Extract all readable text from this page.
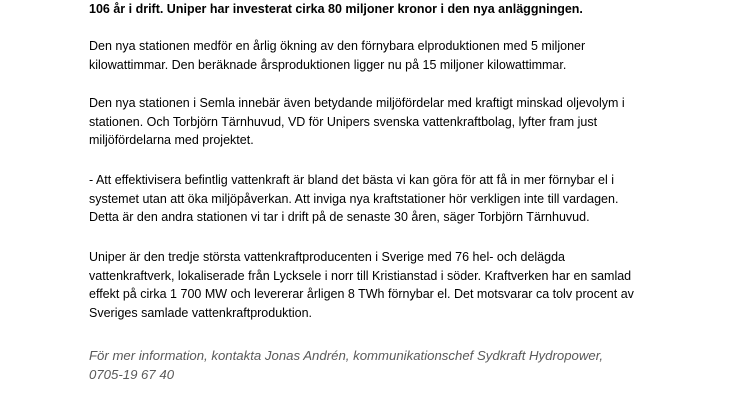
106 år i drift. Uniper har investerat cirka 80 miljoner kronor i den nya anläggningen.

Den nya stationen medför en årlig ökning av den förnybara elproduktionen med 5 miljoner
kilowattimmar. Den beräknade årsproduktionen ligger nu på 15 miljoner kilowattimmar.

Den nya stationen i Semla innebär även betydande miljöfördelar med kraftigt minskad oljevolym i
stationen. Och Torbjörn Tärnhuvud, VD för Unipers svenska vattenkraftbolag, lyfter fram just
miljöfördelarna med projektet.

- Att effektivisera befintlig vattenkraft är bland det bästa vi kan göra för att få in mer förnybar el i
systemet utan att öka miljöpåverkan. Att inviga nya kraftstationer hör verkligen inte till vardagen.
Detta är den andra stationen vi tar i drift på de senaste 30 åren, säger Torbjörn Tärnhuvud.

Uniper är den tredje största vattenkraftproducenten i Sverige med 76 hel- och delägda
vattenkraftverk, lokaliserade från Lycksele i norr till Kristianstad i söder. Kraftverken har en samlad
effekt på cirka 1 700 MW och levererar årligen 8 TWh förnybar el. Det motsvarar ca tolv procent av
Sveriges samlade vattenkraftproduktion.

För mer information, kontakta Jonas Andrén, kommunikationschef Sydkraft Hydropower,
0705-19 67 40
